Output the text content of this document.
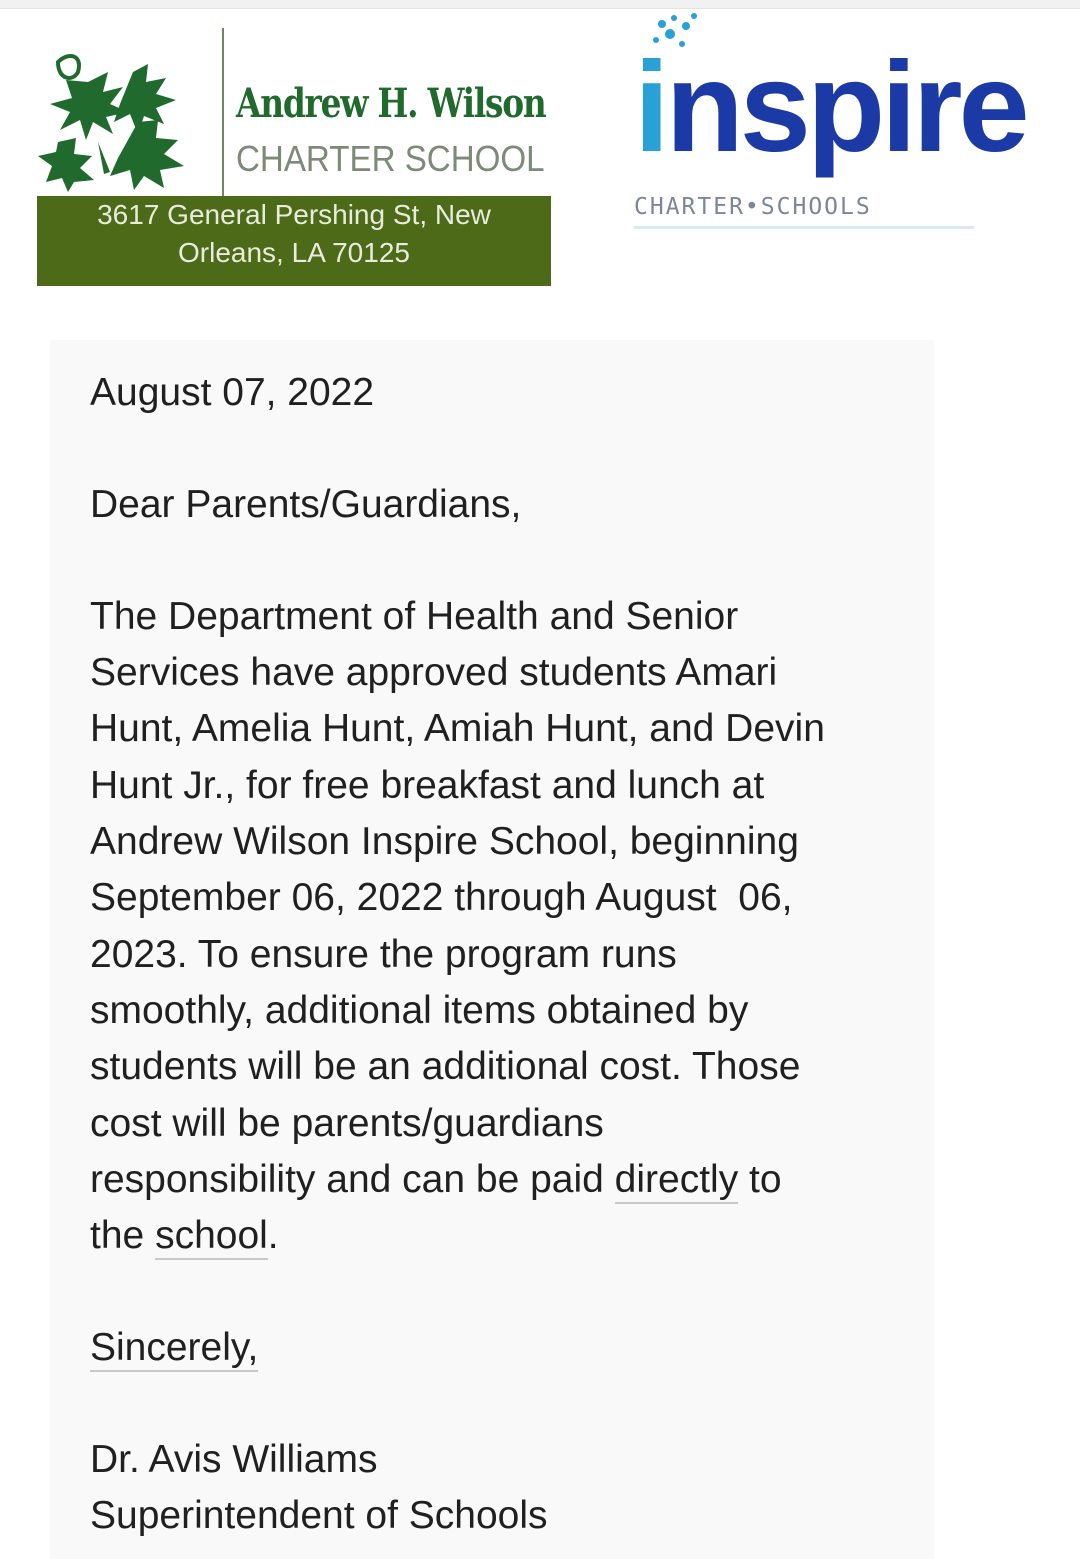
Andrew H. Wilson
CHARTER SCHOOL
3617 General Pershing St, New
Orleans, LA 70125
inspire
CHARTER•SCHOOLS
August 07, 2022
Dear Parents/Guardians,
The Department of Health and Senior
Services have approved students Amari
Hunt, Amelia Hunt, Amiah Hunt, and Devin
Hunt Jr., for free breakfast and lunch at
Andrew Wilson Inspire School, beginning
September 06, 2022 through August  06,
2023. To ensure the program runs
smoothly, additional items obtained by
students will be an additional cost. Those
cost will be parents/guardians
responsibility and can be paid directly to
the school.
Sincerely,
Dr. Avis Williams
Superintendent of Schools
